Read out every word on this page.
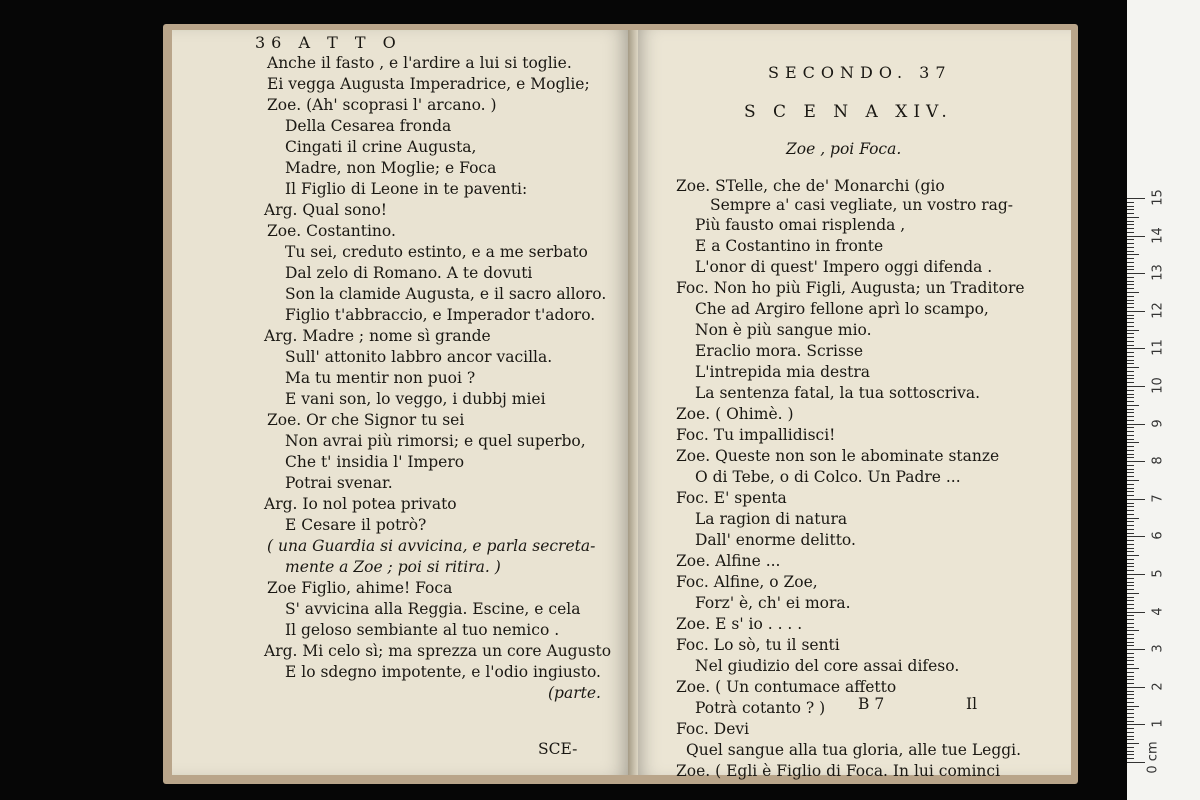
Anche il fasto , e l'ardire a lui si toglie.
Ei vegga Augusta Imperadrice, e Moglie;
Zoe. (Ah' scoprasi l' arcano. )
Della Cesarea fronda
Cingati il crine Augusta,
Madre, non Moglie; e Foca
Il Figlio di Leone in te paventi:
Arg. Qual sono!
Zoe. Costantino.
Tu sei, creduto estinto, e a me serbato
Dal zelo di Romano. A te dovuti
Son la clamide Augusta, e il sacro alloro.
Figlio t'abbraccio, e Imperador t'adoro.
Arg. Madre ; nome sì grande
Sull' attonito labbro ancor vacilla.
Ma tu mentir non puoi ?
E vani son, lo veggo, i dubbj miei
Zoe. Or che Signor tu sei
Non avrai più rimorsi; e quel superbo,
Che t' insidia l' Impero
Potrai svenar.
Arg. Io nol potea privato
E Cesare il potrò?
( una Guardia si avvicina, e parla secreta-
mente a Zoe ; poi si ritira. )
Zoe Figlio, ahime! Foca
S' avvicina alla Reggia. Escine, e cela
Il geloso sembiante al tuo nemico .
Arg. Mi celo sì; ma sprezza un core Augusto
E lo sdegno impotente, e l'odio ingiusto.
(parte.
SCE-
Zoe. STelle, che de' Monarchi (gio
Sempre a' casi vegliate, un vostro rag-
Più fausto omai risplenda ,
E a Costantino in fronte
L'onor di quest' Impero oggi difenda .
Foc. Non ho più Figli, Augusta; un Traditore
Che ad Argiro fellone aprì lo scampo,
Non è più sangue mio.
Eraclio mora. Scrisse
L'intrepida mia destra
La sentenza fatal, la tua sottoscriva.
Zoe. ( Ohimè. )
Foc. Tu impallidisci!
Zoe. Queste non son le abominate stanze
O di Tebe, o di Colco. Un Padre ...
Foc. E' spenta
La ragion di natura
Dall' enorme delitto.
Zoe. Alfine ...
Foc. Alfine, o Zoe,
Forz' è, ch' ei mora.
Zoe. E s' io . . . .
Foc. Lo sò, tu il senti
Nel giudizio del core assai difeso.
Zoe. ( Un contumace affetto
Potrà cotanto ? )
Foc. Devi
Quel sangue alla tua gloria, alle tue Leggi.
Zoe. ( Egli è Figlio di Foca. In lui cominci
36 A T T O
SECONDO. 37
S C E N A XIV.
Zoe , poi Foca.
B 7	Il
1
2
3
4
5
6
7
8
9
10
11
12
13
14
15
0 cm
